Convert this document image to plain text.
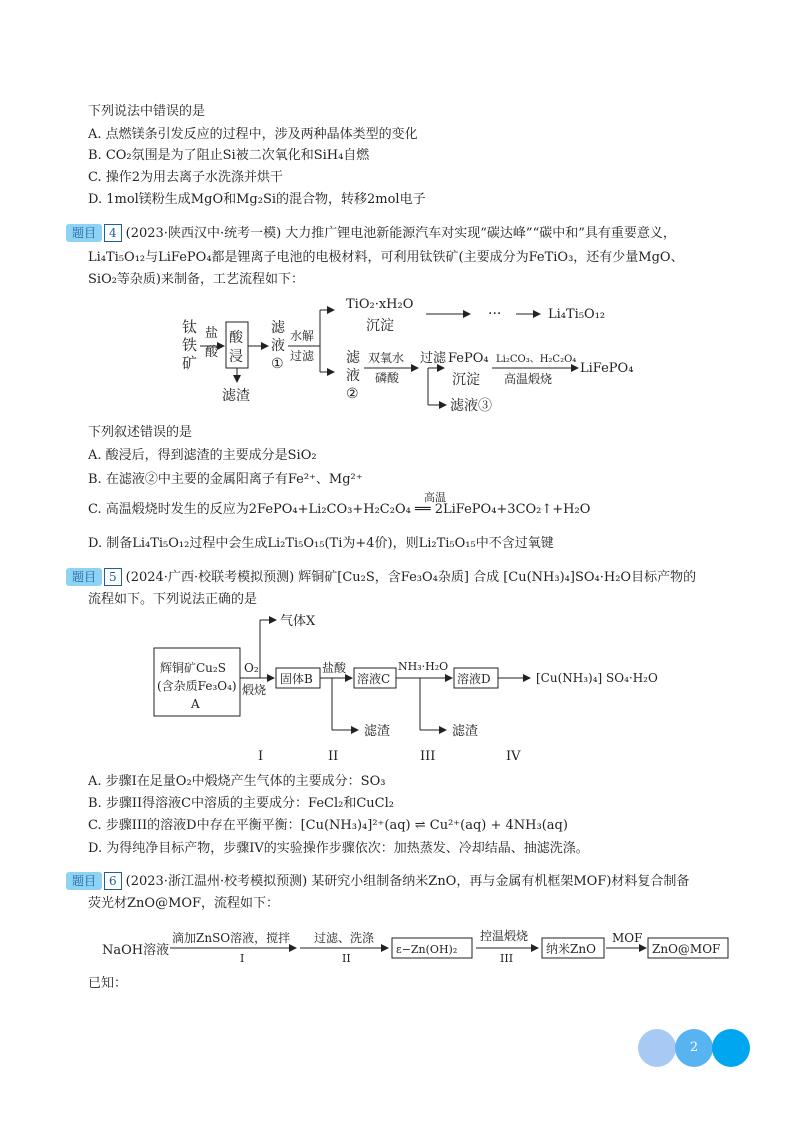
下列说法中错误的是
A. 点燃镁条引发反应的过程中，涉及两种晶体类型的变化
B. CO₂氛围是为了阻止Si被二次氧化和SiH₄自燃
C. 操作2为用去离子水洗涤并烘干
D. 1mol镁粉生成MgO和Mg₂Si的混合物，转移2mol电子
题目 4 (2023·陕西汉中·统考一模) 大力推广锂电池新能源汽车对实现“碳达峰”“碳中和”具有重要意义，
Li₄Ti₅O₁₂与LiFePO₄都是锂离子电池的电极材料，可利用钛铁矿(主要成分为FeTiO₃，还有少量MgO、
SiO₂等杂质)来制备，工艺流程如下：
钛
铁
矿
盐
酸
酸
浸
滤渣
滤
液
①
水解
过滤
TiO₂·xH₂O
沉淀
···	Li₄Ti₅O₁₂
滤
液
②
双氧水
磷酸
过滤
滤液③
FePO₄
沉淀
Li₂CO₃、H₂C₂O₄
高温煅烧
LiFePO₄
下列叙述错误的是
A. 酸浸后，得到滤渣的主要成分是SiO₂
B. 在滤液②中主要的金属阳离子有Fe²⁺、Mg²⁺
高温
C. 高温煅烧时发生的反应为2FePO₄+Li₂CO₃+H₂C₂O₄ ══ 2LiFePO₄+3CO₂↑+H₂O
D. 制备Li₄Ti₅O₁₂过程中会生成Li₂Ti₅O₁₅(Ti为+4价)，则Li₂Ti₅O₁₅中不含过氧键
题目 5 (2024·广西·校联考模拟预测) 辉铜矿[Cu₂S，含Fe₃O₄杂质] 合成 [Cu(NH₃)₄]SO₄·H₂O目标产物的
流程如下。下列说法正确的是
辉铜矿Cu₂S
(含杂质Fe₃O₄)
A
气体X
O₂
煅烧
固体B
盐酸
滤渣
溶液C
NH₃·H₂O
滤渣
溶液D	[Cu(NH₃)₄] SO₄·H₂O
I	II	III	IV
A. 步骤I在足量O₂中煅烧产生气体的主要成分：SO₃
B. 步骤II得溶液C中溶质的主要成分：FeCl₂和CuCl₂
C. 步骤III的溶液D中存在平衡平衡：[Cu(NH₃)₄]²⁺(aq) ⇌ Cu²⁺(aq) + 4NH₃(aq)
D. 为得纯净目标产物，步骤IV的实验操作步骤依次：加热蒸发、冷却结晶、抽滤洗涤。
题目 6 (2023·浙江温州·校考模拟预测) 某研究小组制备纳米ZnO，再与金属有机框架MOF)材料复合制备
荧光材ZnO@MOF，流程如下：
NaOH溶液
滴加ZnSO溶液，搅拌
I
过滤、洗涤
II
ε−Zn(OH)₂
控温煅烧
III
纳米ZnO
MOF
ZnO@MOF
已知：
2
